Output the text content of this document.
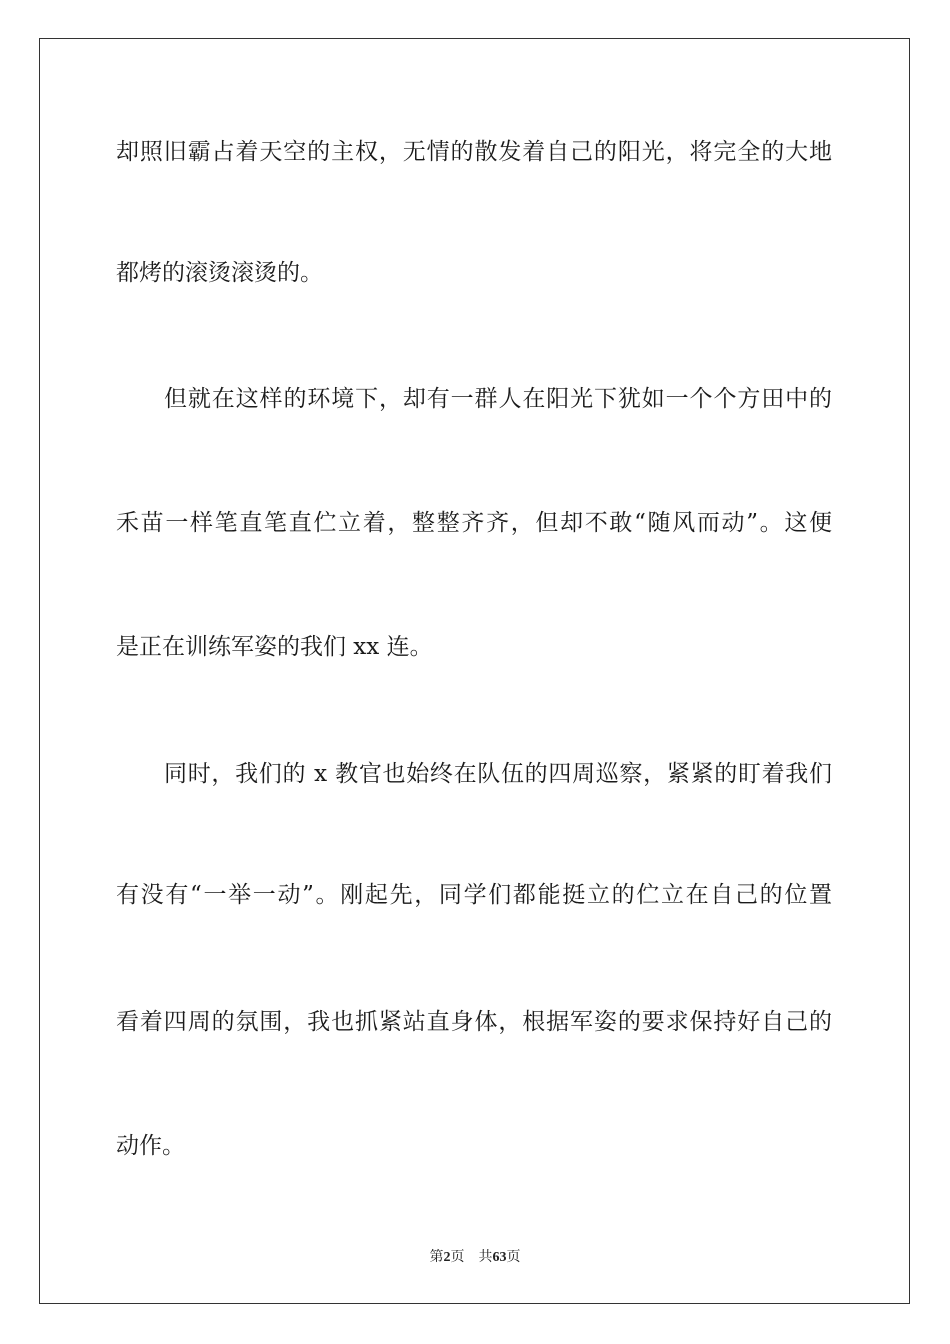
却照旧霸占着天空的主权，无情的散发着自己的阳光，将完全的大地
都烤的滚烫滚烫的。
但就在这样的环境下，却有一群人在阳光下犹如一个个方田中的
禾苗一样笔直笔直伫立着，整整齐齐，但却不敢“随风而动”。这便
是正在训练军姿的我们 xx 连。
同时，我们的 x 教官也始终在队伍的四周巡察，紧紧的盯着我们
有没有“一举一动”。刚起先，同学们都能挺立的伫立在自己的位置
看着四周的氛围，我也抓紧站直身体，根据军姿的要求保持好自己的
动作。
第2页 共63页
